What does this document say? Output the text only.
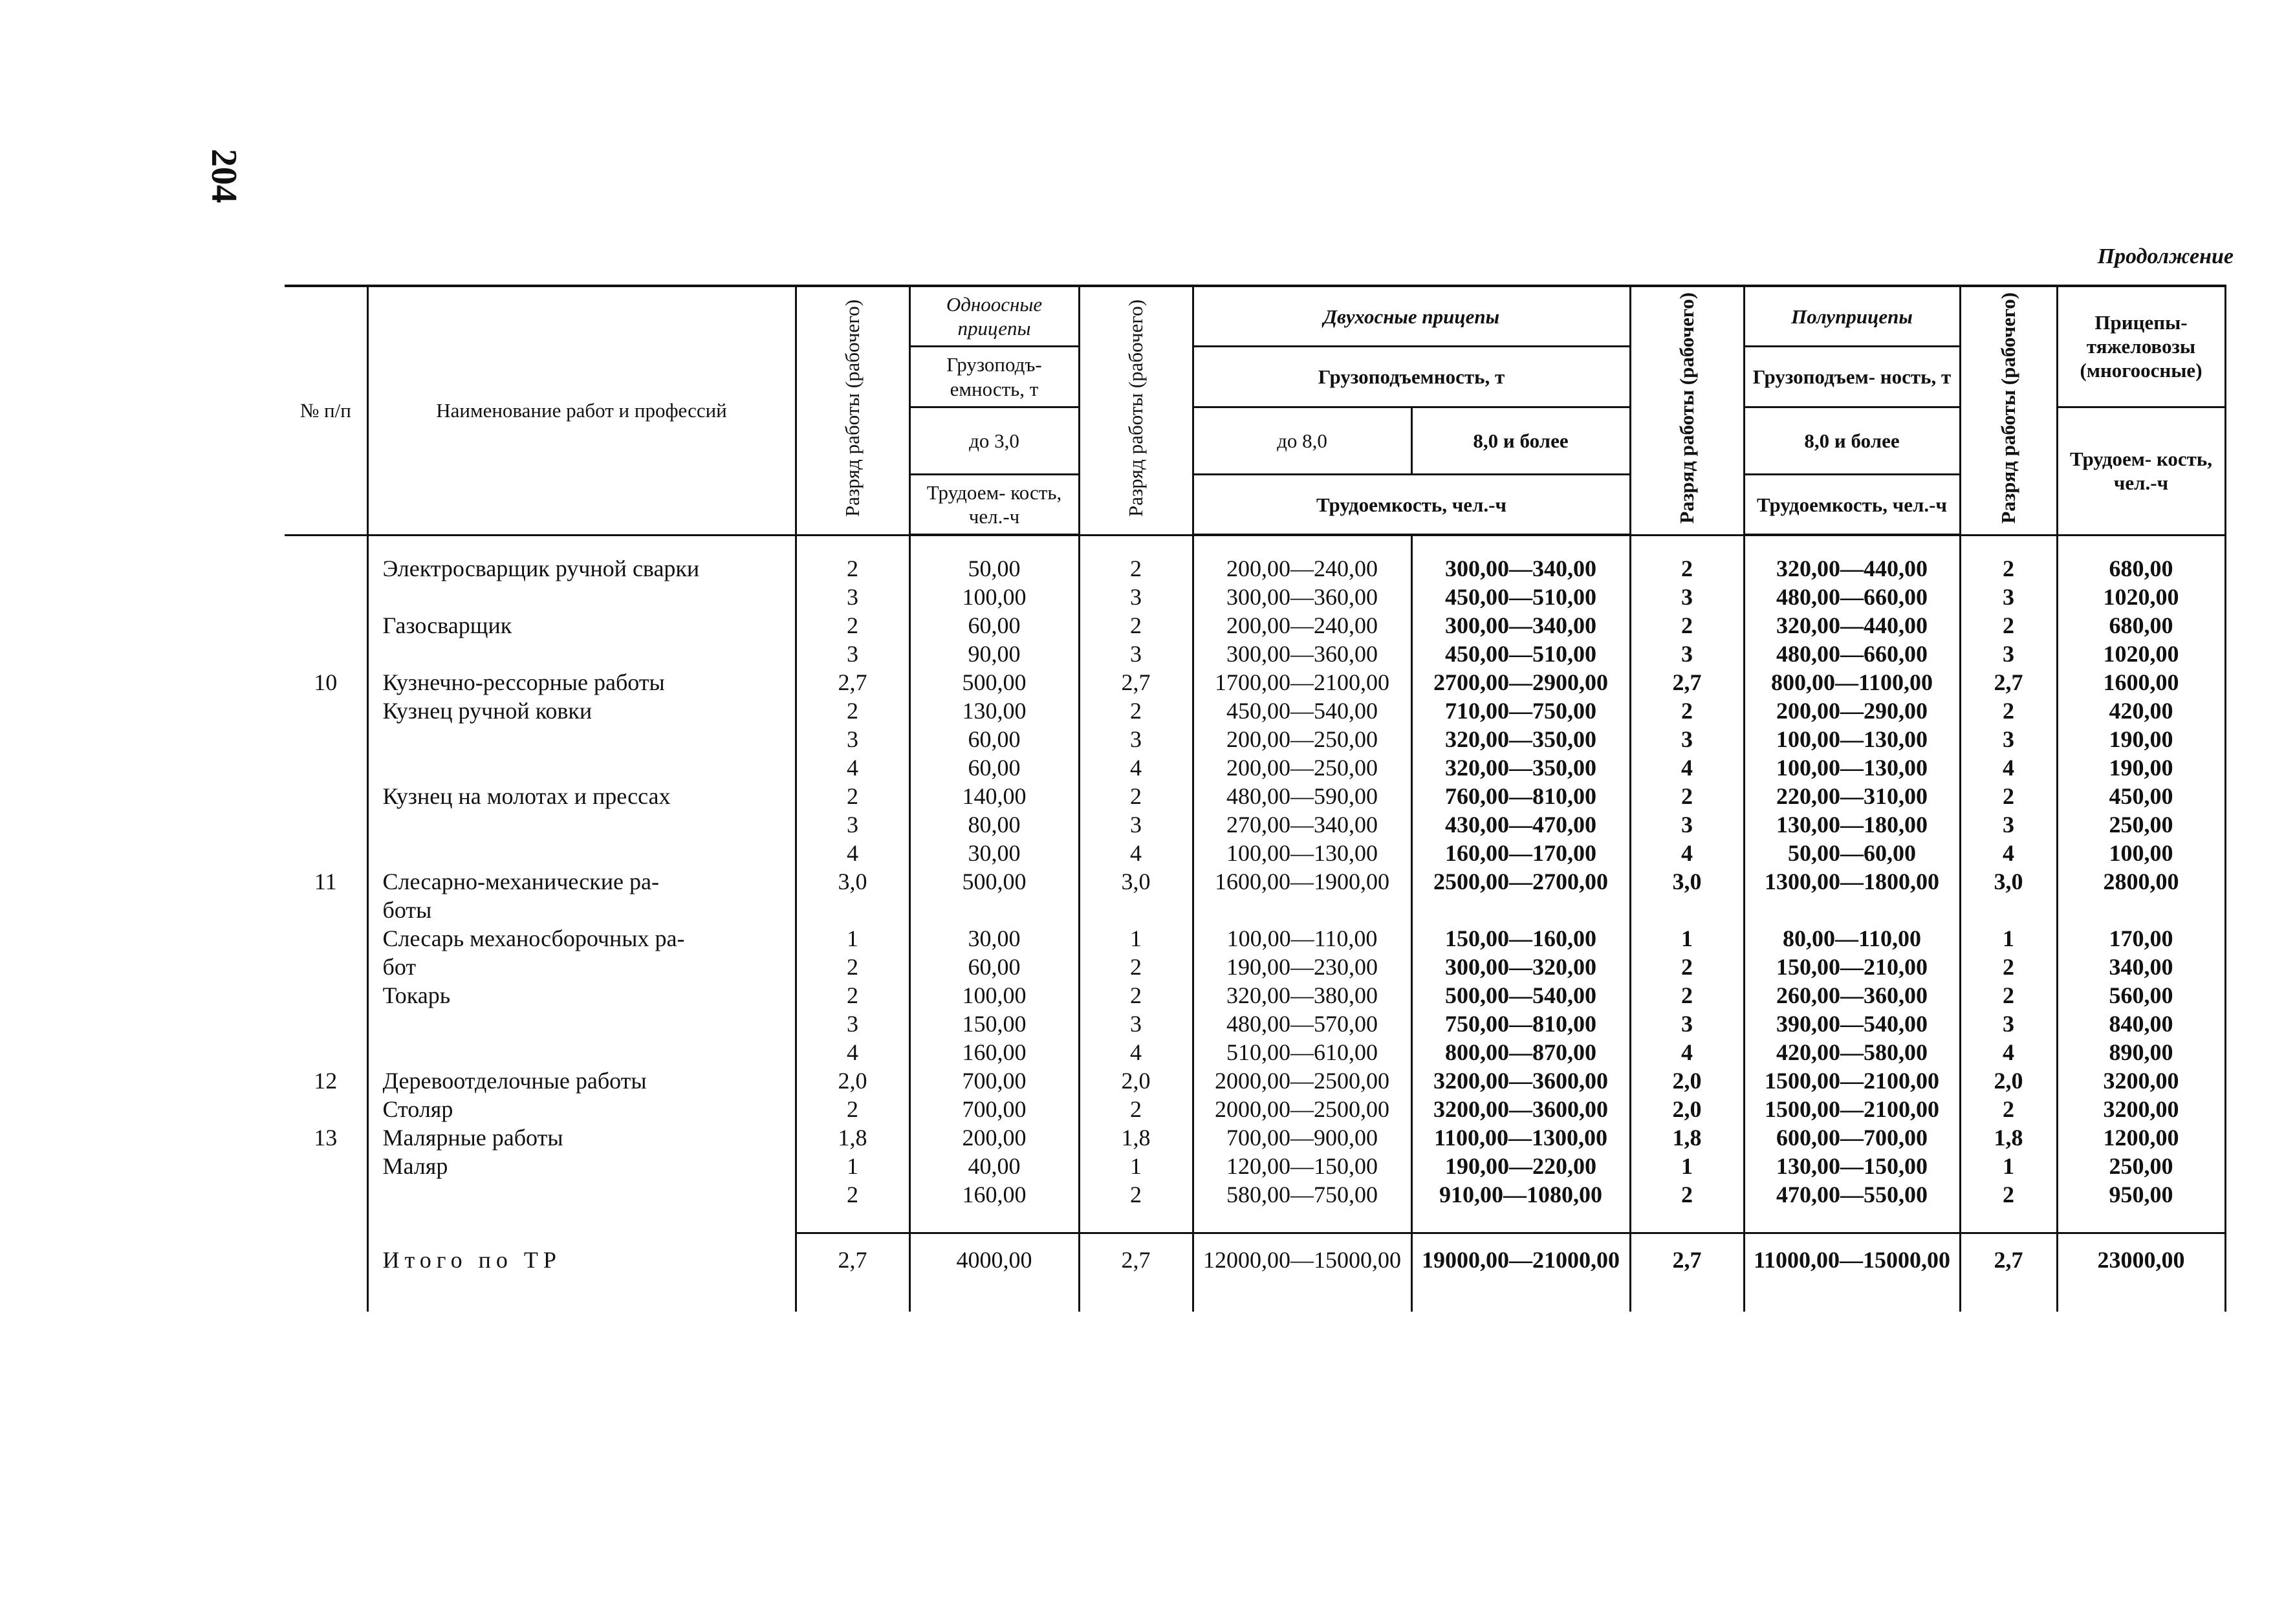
204
Продолжение
№ п/п	Наименование работ и профессий	Разряд работы (рабочего)	Одноосные прицепы	Разряд работы (рабочего)	Двухосные прицепы		Разряд работы (рабочего)	Полуприцепы	Разряд работы (рабочего)	Прицепы- тяжеловозы (многоосные)
			Грузоподъ- емность, т		Грузоподъемность, т			Грузоподъем- ность, т		
			до 3,0		до 8,0	8,0 и более		8,0 и более		Трудоем- кость, чел.-ч
			Трудоем- кость, чел.-ч		Трудоемкость, чел.-ч			Трудоемкость, чел.-ч		

	Электросварщик ручной сварки	2	50,00	2	200,00—240,00	300,00—340,00	2	320,00—440,00	2	680,00
		3	100,00	3	300,00—360,00	450,00—510,00	3	480,00—660,00	3	1020,00
	Газосварщик	2	60,00	2	200,00—240,00	300,00—340,00	2	320,00—440,00	2	680,00
		3	90,00	3	300,00—360,00	450,00—510,00	3	480,00—660,00	3	1020,00
10	Кузнечно-рессорные работы	2,7	500,00	2,7	1700,00—2100,00	2700,00—2900,00	2,7	800,00—1100,00	2,7	1600,00
	Кузнец ручной ковки	2	130,00	2	450,00—540,00	710,00—750,00	2	200,00—290,00	2	420,00
		3	60,00	3	200,00—250,00	320,00—350,00	3	100,00—130,00	3	190,00
		4	60,00	4	200,00—250,00	320,00—350,00	4	100,00—130,00	4	190,00
	Кузнец на молотах и прессах	2	140,00	2	480,00—590,00	760,00—810,00	2	220,00—310,00	2	450,00
		3	80,00	3	270,00—340,00	430,00—470,00	3	130,00—180,00	3	250,00
		4	30,00	4	100,00—130,00	160,00—170,00	4	50,00—60,00	4	100,00
11	Слесарно-механические ра-	3,0	500,00	3,0	1600,00—1900,00	2500,00—2700,00	3,0	1300,00—1800,00	3,0	2800,00
	боты									
	Слесарь механосборочных ра-	1	30,00	1	100,00—110,00	150,00—160,00	1	80,00—110,00	1	170,00
	бот	2	60,00	2	190,00—230,00	300,00—320,00	2	150,00—210,00	2	340,00
	Токарь	2	100,00	2	320,00—380,00	500,00—540,00	2	260,00—360,00	2	560,00
		3	150,00	3	480,00—570,00	750,00—810,00	3	390,00—540,00	3	840,00
		4	160,00	4	510,00—610,00	800,00—870,00	4	420,00—580,00	4	890,00
12	Деревоотделочные работы	2,0	700,00	2,0	2000,00—2500,00	3200,00—3600,00	2,0	1500,00—2100,00	2,0	3200,00
	Столяр	2	700,00	2	2000,00—2500,00	3200,00—3600,00	2,0	1500,00—2100,00	2	3200,00
13	Малярные работы	1,8	200,00	1,8	700,00—900,00	1100,00—1300,00	1,8	600,00—700,00	1,8	1200,00
	Маляр	1	40,00	1	120,00—150,00	190,00—220,00	1	130,00—150,00	1	250,00
		2	160,00	2	580,00—750,00	910,00—1080,00	2	470,00—550,00	2	950,00

	Итого по ТР	2,7	4000,00	2,7	12000,00—15000,00	19000,00—21000,00	2,7	11000,00—15000,00	2,7	23000,00
